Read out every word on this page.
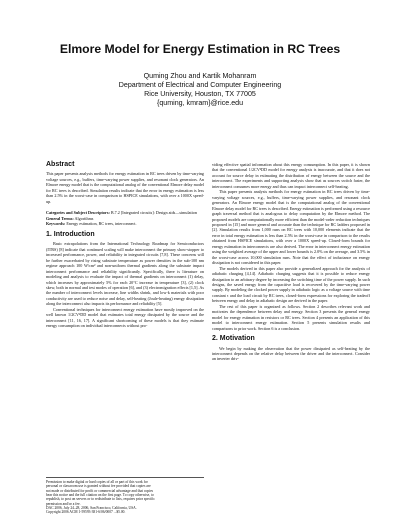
Elmore Model for Energy Estimation in RC Trees
Quming Zhou and Kartik Mohanram
Department of Electrical and Computer Engineering
Rice University, Houston, TX 77005
{quming, kmram}@rice.edu
Abstract

This paper presents analysis methods for energy estimation in RC trees driven by time-varying voltage sources, e.g., buffers, time-varying power supplies, and resonant clock generators. An Elmore energy model that is the computational analog of the conventional Elmore delay model for RC trees is described. Simulation results indicate that the error in energy estimation is less than 2.5% in the worst-case in comparison to HSPICE simulations, with over a 1000X speed-up.

Categories and Subject Descriptors: B.7.2 [Integrated circuits]: Design aids—simulation
General Terms: Algorithms
Keywords: Energy estimation, RC trees, interconnect.
1. Introduction

Basic extrapolations from the International Technology Roadmap for Semiconductors (ITRS) [8] indicate that continued scaling will make interconnect the primary show-stopper to increased performance, power, and reliability in integrated circuits [7,8]. These concerns will be further exacerbated by rising substrate temperature as power densities in the sub-100 nm regime approach 100 W/cm² and non-uniform thermal gradients along the substrate impact interconnect performance and reliability significantly. Specifically, there is literature on modeling and analysis to evaluate the impact of thermal gradients on interconnect (1) delay, which increases by approximately 5% for each 20°C increase in temperature [3], (2) clock skew, both in normal and test modes of operation [6], and (3) electromigration effects [1,5]. As the number of interconnect levels increase, line widths shrink, and low-k materials with poor conductivity are used to reduce noise and delay, self-heating (Joule-heating) energy dissipation along the interconnect also impacts its performance and reliability [5].

Conventional techniques for interconnect energy estimation have mostly improved on the well known 1/2CV²DD model that estimates total energy dissipated by the source and the interconnect [11, 16, 17]. A significant shortcoming of these models is that they estimate energy consumption on individual interconnects without pro-

viding effective spatial information about this energy consumption. In this paper, it is shown that the conventional 1/2CV²DD model for energy analysis is inaccurate, and that it does not account for source delay in estimating the distribution of energy between the source and the interconnect. The experiments and supporting analysis show that as sources switch faster, the interconnect consumes more energy and thus can impact interconnect self-heating.

This paper presents analysis methods for energy estimation in RC trees driven by time-varying voltage sources, e.g., buffers, time-varying power supplies, and resonant clock generators. An Elmore energy model that is the computational analog of the conventional Elmore delay model for RC trees is described. Energy estimation is performed using a resource graph traversal method that is analogous to delay computation by the Elmore method. The proposed models are computationally more efficient than the model-order reduction techniques proposed in [15] and more general and accurate than the technique for RC ladders proposed in [2]. Simulation results from 1,000 runs on RC trees with 10,000 elements indicate that the error in total energy estimation is less than 2.5% in the worst-case in comparison to the results obtained from HSPICE simulations, with over a 1000X speed-up. Closed-form bounds for energy estimation in interconnects are also derived. The error in interconnect energy estimation using the weighted average of the upper and lower bounds is 2.0% on the average, and 3.5% in the worst-case across 10,000 simulation runs. Note that the effect of inductance on energy dissipation is not considered in this paper.

The models derived in this paper also provide a generalized approach for the analysis of adiabatic charging [4,14]. Adiabatic charging suggests that it is possible to reduce energy dissipation to an arbitrary degree by increasing the switching time of the power supply. In such designs, the saved energy from the capacitive load is recovered by the time-varying power supply. By modeling the clocked power supply in adiabatic logic as a voltage source with time constant τ and the load circuit by RC trees, closed-form expressions for exploring the tradeoff between energy and delay in adiabatic design are derived in the paper.

The rest of this paper is organized as follows. Section 2 describes relevant work and motivates the dependence between delay and energy. Section 3 presents the general energy model for energy estimation in resistors or RC trees. Section 4 presents an application of this model to interconnect energy estimation. Section 5 presents simulation results and comparisons to prior work. Section 6 is a conclusion.

2. Motivation

We begin by making the observation that the power dissipated as self-heating by the interconnect depends on the relative delay between the driver and the interconnect. Consider an inverter driv-

Permission to make digital or hard copies of all or part of this work for
personal or classroom use is granted without fee provided that copies are
not made or distributed for profit or commercial advantage and that copies
bear this notice and the full citation on the first page. To copy otherwise, to
republish, to post on servers or to redistribute to lists, requires prior specific
permission and/or a fee.
DAC 2006, July 24–28, 2006, San Francisco, California, USA.
Copyright 2006 ACM 1-59593-381-6/06/0007 ...$5.00.
